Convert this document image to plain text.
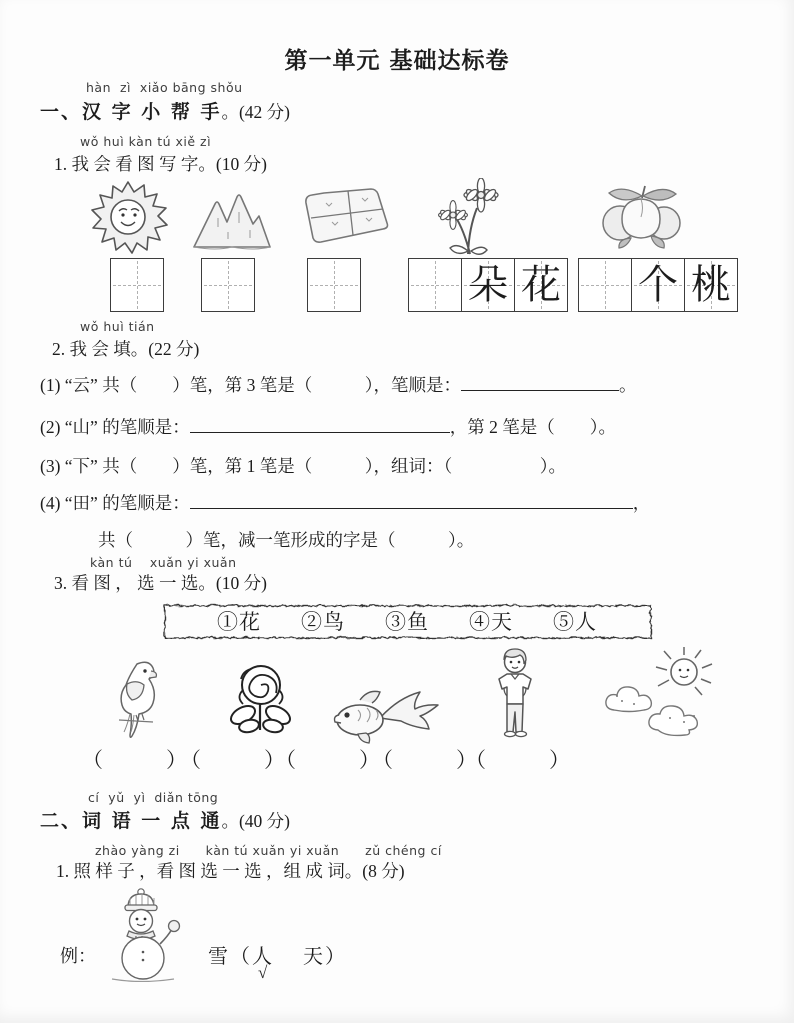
第一单元 基础达标卷
hàn  zì  xiǎo bāng shǒu
一、汉 字 小 帮 手。(42 分)
wǒ huì kàn tú xiě zì
1. 我 会 看 图 写 字。(10 分)
朵 花 个 桃
wǒ huì tián
2. 我 会 填。(22 分)
(1) “云” 共（　　）笔，第 3 笔是（　　　），笔顺是：	。
(2) “山” 的笔顺是：	，第 2 笔是（　　）。
(3) “下” 共（　　）笔，第 1 笔是（　　　），组词：（　　　　　）。
(4) “田” 的笔顺是：	，
共（　　　）笔，减一笔形成的字是（　　　）。
kàn tú　 xuǎn yi xuǎn
3. 看 图 ， 选 一 选。(10 分)
①花 ②鸟 ③鱼 ④天 ⑤人
（　　　）
（　　　）
（　　　）
（　　　）
（　　　）
cí  yǔ  yì  diǎn tōng
二、词 语 一 点 通。(40 分)
zhào yàng zi　　kàn tú xuǎn yi xuǎn　　zǔ chéng cí
1. 照 样 子 ，看 图 选 一 选 ，组 成 词。(8 分)
例：	雪（人　 天）
√
